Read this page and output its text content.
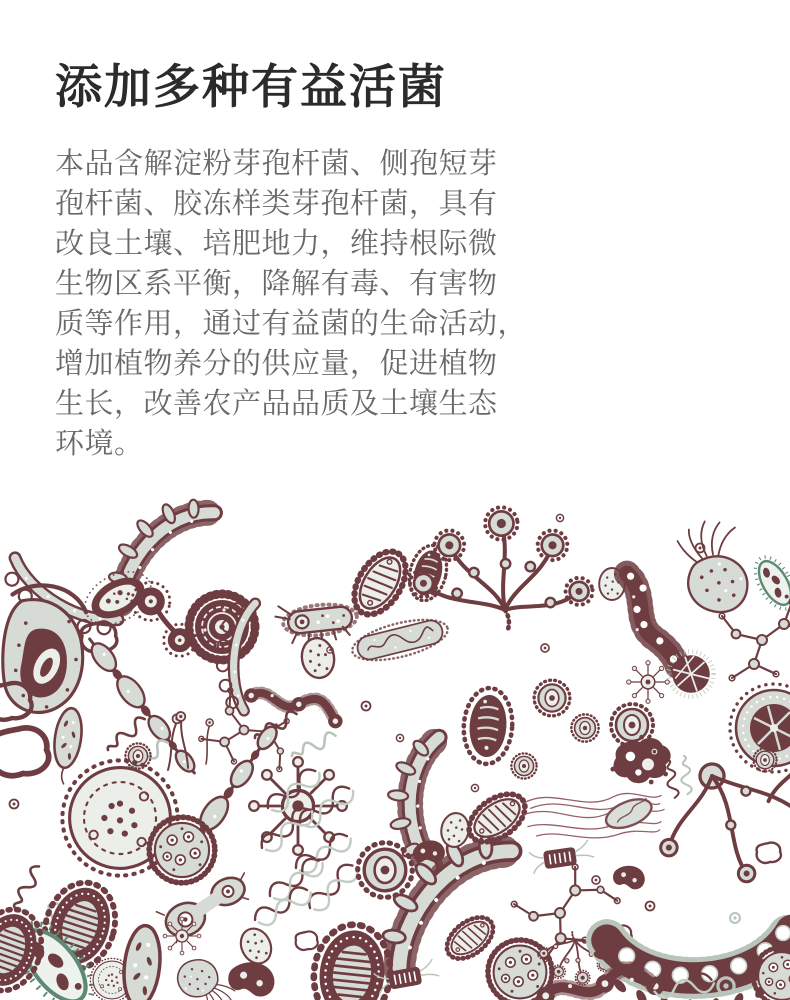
添加多种有益活菌
本品含解淀粉芽孢杆菌、侧孢短芽
孢杆菌、胶冻样类芽孢杆菌，具有
改良土壤、培肥地力，维持根际微
生物区系平衡，降解有毒、有害物
质等作用，通过有益菌的生命活动，
增加植物养分的供应量，促进植物
生长，改善农产品品质及土壤生态
环境。
